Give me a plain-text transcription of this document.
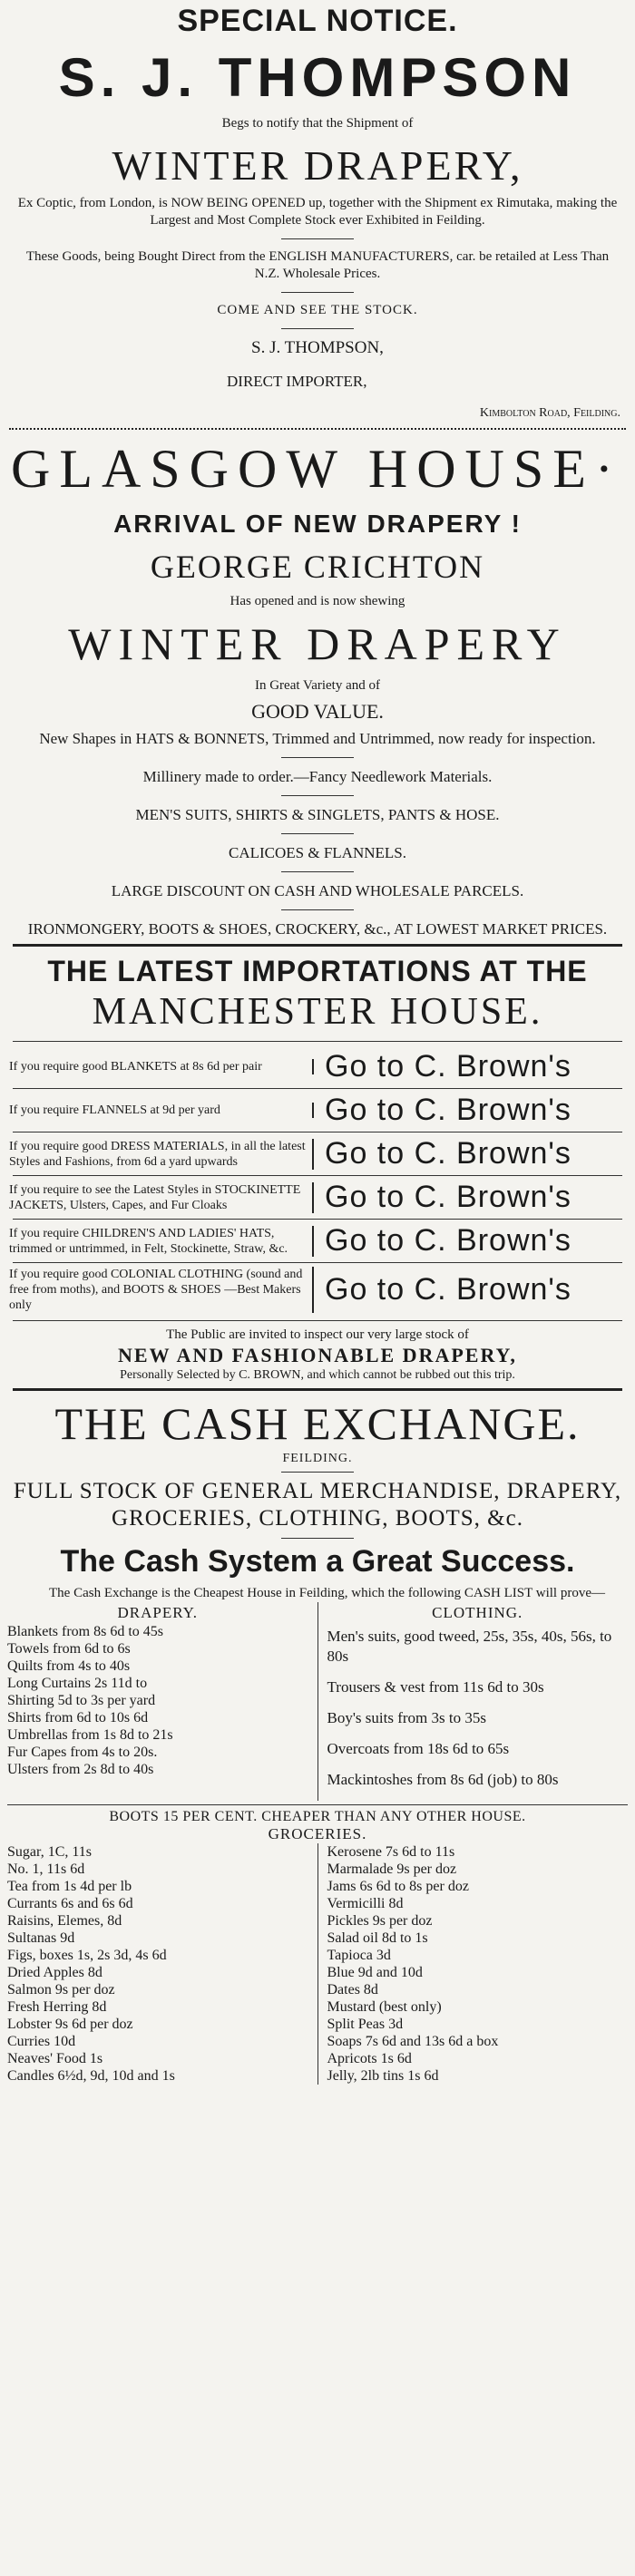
SPECIAL NOTICE.
S. J. THOMPSON
Begs to notify that the Shipment of
WINTER DRAPERY,
Ex Coptic, from London, is NOW BEING OPENED up, together with the Shipment ex Rimutaka, making the Largest and Most Complete Stock ever Exhibited in Feilding.
These Goods, being Bought Direct from the ENGLISH MANUFACTURERS, car. be retailed at Less Than N.Z. Wholesale Prices.
COME AND SEE THE STOCK.
S. J. THOMPSON,
DIRECT IMPORTER,
Kimbolton Road, Feilding.
GLASGOW HOUSE·
ARRIVAL OF NEW DRAPERY !
GEORGE CRICHTON
Has opened and is now shewing
WINTER DRAPERY
In Great Variety and of
GOOD VALUE.
New Shapes in HATS & BONNETS, Trimmed and Untrimmed, now ready for inspection.
Millinery made to order.—Fancy Needlework Materials.
MEN'S SUITS, SHIRTS & SINGLETS, PANTS & HOSE.
CALICOES & FLANNELS.
LARGE DISCOUNT ON CASH AND WHOLESALE PARCELS.
IRONMONGERY, BOOTS & SHOES, CROCKERY, &c., AT LOWEST MARKET PRICES.
THE LATEST IMPORTATIONS AT THE
MANCHESTER HOUSE.
If you require good BLANKETS at 8s 6d per pair	Go to C. Brown's
If you require FLANNELS at 9d per yard	Go to C. Brown's
If you require good DRESS MATERIALS, in all the latest Styles and Fashions, from 6d a yard upwards	Go to C. Brown's
If you require to see the Latest Styles in STOCKINETTE JACKETS, Ulsters, Capes, and Fur Cloaks	Go to C. Brown's
If you require CHILDREN'S AND LADIES' HATS, trimmed or untrimmed, in Felt, Stockinette, Straw, &c.	Go to C. Brown's
If you require good COLONIAL CLOTHING (sound and free from moths), and BOOTS & SHOES —Best Makers only	Go to C. Brown's
The Public are invited to inspect our very large stock of
NEW AND FASHIONABLE DRAPERY,
Personally Selected by C. BROWN, and which cannot be rubbed out this trip.
THE CASH EXCHANGE.
FEILDING.
FULL STOCK OF GENERAL MERCHANDISE, DRAPERY, GROCERIES, CLOTHING, BOOTS, &c.
The Cash System a Great Success.
The Cash Exchange is the Cheapest House in Feilding, which the following CASH LIST will prove—
DRAPERY.
Blankets from 8s 6d to 45s
Towels from 6d to 6s
Quilts from 4s to 40s
Long Curtains 2s 11d to
Shirting 5d to 3s per yard
Shirts from 6d to 10s 6d
Umbrellas from 1s 8d to 21s
Fur Capes from 4s to 20s.
Ulsters from 2s 8d to 40s
CLOTHING.
Men's suits, good tweed, 25s, 35s, 40s, 56s, to 80s
Trousers & vest from 11s 6d to 30s
Boy's suits from 3s to 35s
Overcoats from 18s 6d to 65s
Mackintoshes from 8s 6d (job) to 80s
BOOTS 15 PER CENT. CHEAPER THAN ANY OTHER HOUSE.
GROCERIES.
Sugar, 1C, 11s
No. 1, 11s 6d
Tea from 1s 4d per lb
Currants 6s and 6s 6d
Raisins, Elemes, 8d
Sultanas 9d
Figs, boxes 1s, 2s 3d, 4s 6d
Dried Apples 8d
Salmon 9s per doz
Fresh Herring 8d
Lobster 9s 6d per doz
Curries 10d
Neaves' Food 1s
Candles 6½d, 9d, 10d and 1s
Kerosene 7s 6d to 11s
Marmalade 9s per doz
Jams 6s 6d to 8s per doz
Vermicilli 8d
Pickles 9s per doz
Salad oil 8d to 1s
Tapioca 3d
Blue 9d and 10d
Dates 8d
Mustard (best only)
Split Peas 3d
Soaps 7s 6d and 13s 6d a box
Apricots 1s 6d
Jelly, 2lb tins 1s 6d
